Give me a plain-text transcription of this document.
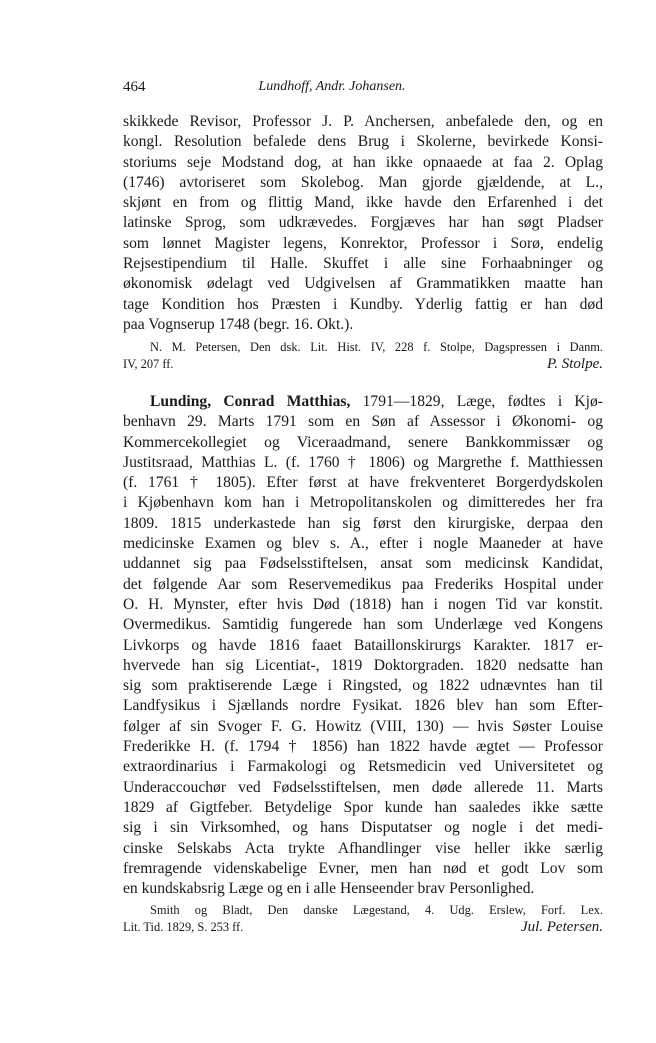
464	Lundhoff, Andr. Johansen.
skikkede Revisor, Professor J. P. Anchersen, anbefalede den, og en
kongl. Resolution befalede dens Brug i Skolerne, bevirkede Konsi-
storiums seje Modstand dog, at han ikke opnaaede at faa 2. Oplag
(1746) avtoriseret som Skolebog. Man gjorde gjældende, at L.,
skjønt en from og flittig Mand, ikke havde den Erfarenhed i det
latinske Sprog, som udkrævedes. Forgjæves har han søgt Pladser
som lønnet Magister legens, Konrektor, Professor i Sorø, endelig
Rejsestipendium til Halle. Skuffet i alle sine Forhaabninger og
økonomisk ødelagt ved Udgivelsen af Grammatikken maatte han
tage Kondition hos Præsten i Kundby. Yderlig fattig er han død
paa Vognserup 1748 (begr. 16. Okt.).
N. M. Petersen, Den dsk. Lit. Hist. IV, 228 f. Stolpe, Dagspressen i Danm.
IV, 207 ff.	P. Stolpe.
Lunding, Conrad Matthias, 1791—1829, Læge, fødtes i Kjø-
benhavn 29. Marts 1791 som en Søn af Assessor i Økonomi- og
Kommercekollegiet og Viceraadmand, senere Bankkommissær og
Justitsraad, Matthias L. (f. 1760 † 1806) og Margrethe f. Matthiessen
(f. 1761 † 1805). Efter først at have frekventeret Borgerdydskolen
i Kjøbenhavn kom han i Metropolitanskolen og dimitteredes her fra
1809. 1815 underkastede han sig først den kirurgiske, derpaa den
medicinske Examen og blev s. A., efter i nogle Maaneder at have
uddannet sig paa Fødselsstiftelsen, ansat som medicinsk Kandidat,
det følgende Aar som Reservemedikus paa Frederiks Hospital under
O. H. Mynster, efter hvis Død (1818) han i nogen Tid var konstit.
Overmedikus. Samtidig fungerede han som Underlæge ved Kongens
Livkorps og havde 1816 faaet Bataillonskirurgs Karakter. 1817 er-
hvervede han sig Licentiat-, 1819 Doktorgraden. 1820 nedsatte han
sig som praktiserende Læge i Ringsted, og 1822 udnævntes han til
Landfysikus i Sjællands nordre Fysikat. 1826 blev han som Efter-
følger af sin Svoger F. G. Howitz (VIII, 130) — hvis Søster Louise
Frederikke H. (f. 1794 † 1856) han 1822 havde ægtet — Professor
extraordinarius i Farmakologi og Retsmedicin ved Universitetet og
Underaccouchør ved Fødselsstiftelsen, men døde allerede 11. Marts
1829 af Gigtfeber. Betydelige Spor kunde han saaledes ikke sætte
sig i sin Virksomhed, og hans Disputatser og nogle i det medi-
cinske Selskabs Acta trykte Afhandlinger vise heller ikke særlig
fremragende videnskabelige Evner, men han nød et godt Lov som
en kundskabsrig Læge og en i alle Henseender brav Personlighed.
Smith og Bladt, Den danske Lægestand, 4. Udg. Erslew, Forf. Lex.
Lit. Tid. 1829, S. 253 ff.	Jul. Petersen.
